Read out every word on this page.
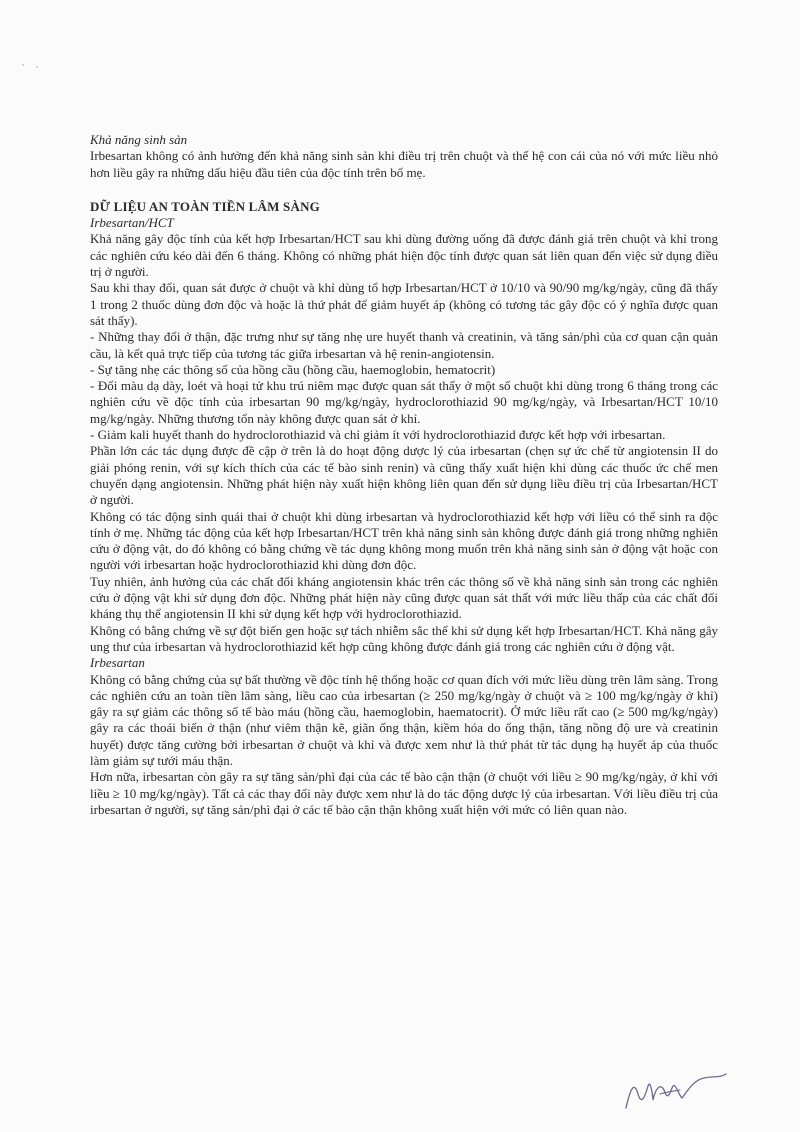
Khả năng sinh sản

Irbesartan không có ảnh hưởng đến khả năng sinh sản khi điều trị trên chuột và thế hệ con cái của nó với mức liều nhỏ hơn liều gây ra những dấu hiệu đầu tiên của độc tính trên bố mẹ.

DỮ LIỆU AN TOÀN TIỀN LÂM SÀNG

Irbesartan/HCT

Khả năng gây độc tính của kết hợp Irbesartan/HCT sau khi dùng đường uống đã được đánh giá trên chuột và khỉ trong các nghiên cứu kéo dài đến 6 tháng. Không có những phát hiện độc tính được quan sát liên quan đến việc sử dụng điều trị ở người.

Sau khi thay đổi, quan sát được ở chuột và khỉ dùng tổ hợp Irbesartan/HCT ở 10/10 và 90/90 mg/kg/ngày, cũng đã thấy 1 trong 2 thuốc dùng đơn độc và hoặc là thứ phát để giảm huyết áp (không có tương tác gây độc có ý nghĩa được quan sát thấy).

- Những thay đổi ở thận, đặc trưng như sự tăng nhẹ ure huyết thanh và creatinin, và tăng sản/phì của cơ quan cận quản cầu, là kết quả trực tiếp của tương tác giữa irbesartan và hệ renin-angiotensin.

- Sự tăng nhẹ các thông số của hồng cầu (hồng cầu, haemoglobin, hematocrit)

- Đổi màu dạ dày, loét và hoại tử khu trú niêm mạc được quan sát thấy ở một số chuột khi dùng trong 6 tháng trong các nghiên cứu về độc tính của irbesartan 90 mg/kg/ngày, hydroclorothiazid 90 mg/kg/ngày, và Irbesartan/HCT 10/10 mg/kg/ngày. Những thương tổn này không được quan sát ở khỉ.

- Giảm kali huyết thanh do hydroclorothiazid và chỉ giảm ít với hydroclorothiazid được kết hợp với irbesartan.

Phần lớn các tác dụng được đề cập ở trên là do hoạt động dược lý của irbesartan (chẹn sự ức chế từ angiotensin II do giải phóng renin, với sự kích thích của các tế bào sinh renin) và cũng thấy xuất hiện khi dùng các thuốc ức chế men chuyển dạng angiotensin. Những phát hiện này xuất hiện không liên quan đến sử dụng liều điều trị của Irbesartan/HCT ở người.

Không có tác động sinh quái thai ở chuột khi dùng irbesartan và hydroclorothiazid kết hợp với liều có thể sinh ra độc tính ở mẹ. Những tác động của kết hợp Irbesartan/HCT trên khả năng sinh sản không được đánh giá trong những nghiên cứu ở động vật, do đó không có bằng chứng về tác dụng không mong muốn trên khả năng sinh sản ở động vật hoặc con người với irbesartan hoặc hydroclorothiazid khi dùng đơn độc.

Tuy nhiên, ảnh hưởng của các chất đối kháng angiotensin khác trên các thông số về khả năng sinh sản trong các nghiên cứu ở động vật khi sử dụng đơn độc. Những phát hiện này cũng được quan sát thất với mức liều thấp của các chất đối kháng thụ thể angiotensin II khi sử dụng kết hợp với hydroclorothiazid.

Không có bằng chứng về sự đột biến gen hoặc sự tách nhiễm sắc thể khi sử dụng kết hợp Irbesartan/HCT. Khả năng gây ung thư của irbesartan và hydroclorothiazid kết hợp cũng không được đánh giá trong các nghiên cứu ở động vật.

Irbesartan

Không có bằng chứng của sự bất thường về độc tính hệ thống hoặc cơ quan đích với mức liều dùng trên lâm sàng. Trong các nghiên cứu an toàn tiền lâm sàng, liều cao của irbesartan (≥ 250 mg/kg/ngày ở chuột và ≥ 100 mg/kg/ngày ở khỉ) gây ra sự giảm các thông số tế bào máu (hồng cầu, haemoglobin, haematocrit). Ở mức liều rất cao (≥ 500 mg/kg/ngày) gây ra các thoái biến ở thận (như viêm thận kẽ, giãn ống thận, kiềm hóa do ống thận, tăng nồng độ ure và creatinin huyết) được tăng cường bởi irbesartan ở chuột và khỉ và được xem như là thứ phát từ tác dụng hạ huyết áp của thuốc làm giảm sự tưới máu thận.

Hơn nữa, irbesartan còn gây ra sự tăng sản/phì đại của các tế bào cận thận (ở chuột với liều ≥ 90 mg/kg/ngày, ở khỉ với liều ≥ 10 mg/kg/ngày). Tất cả các thay đổi này được xem như là do tác động dược lý của irbesartan. Với liều điều trị của irbesartan ở người, sự tăng sản/phì đại ở các tế bào cận thận không xuất hiện với mức có liên quan nào.
